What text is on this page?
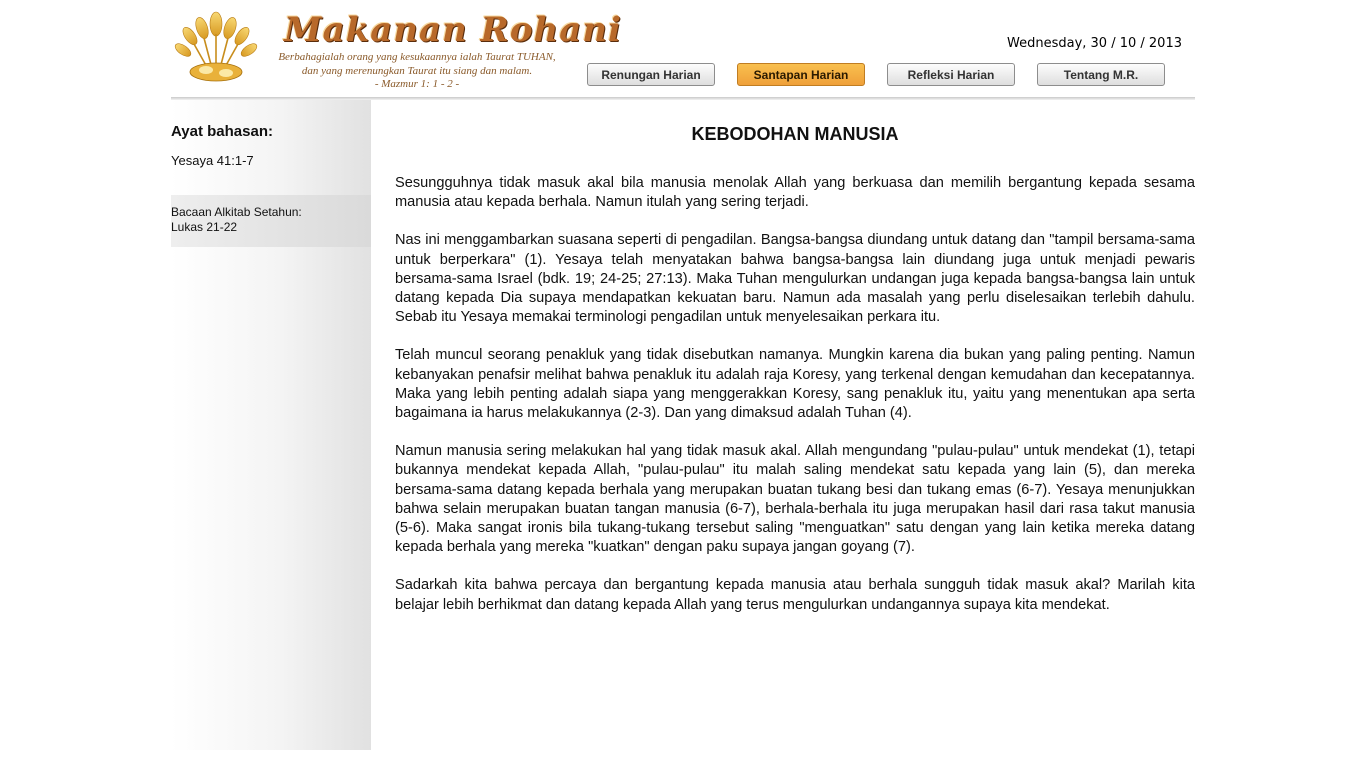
Makanan Rohani
Berbahagialah orang yang kesukaannya ialah Taurat TUHAN,
dan yang merenungkan Taurat itu siang dan malam.
- Mazmur 1: 1 - 2 -
Wednesday, 30 / 10 / 2013
Renungan Harian	Santapan Harian	Refleksi Harian	Tentang M.R.
Ayat bahasan:
Yesaya 41:1-7
Bacaan Alkitab Setahun:
Lukas 21-22
KEBODOHAN MANUSIA

Sesungguhnya tidak masuk akal bila manusia menolak Allah yang berkuasa dan memilih bergantung kepada sesama manusia atau kepada berhala. Namun itulah yang sering terjadi.

Nas ini menggambarkan suasana seperti di pengadilan. Bangsa-bangsa diundang untuk datang dan "tampil bersama-sama untuk berperkara" (1). Yesaya telah menyatakan bahwa bangsa-bangsa lain diundang juga untuk menjadi pewaris bersama-sama Israel (bdk. 19; 24-25; 27:13). Maka Tuhan mengulurkan undangan juga kepada bangsa-bangsa lain untuk datang kepada Dia supaya mendapatkan kekuatan baru. Namun ada masalah yang perlu diselesaikan terlebih dahulu. Sebab itu Yesaya memakai terminologi pengadilan untuk menyelesaikan perkara itu.

Telah muncul seorang penakluk yang tidak disebutkan namanya. Mungkin karena dia bukan yang paling penting. Namun kebanyakan penafsir melihat bahwa penakluk itu adalah raja Koresy, yang terkenal dengan kemudahan dan kecepatannya. Maka yang lebih penting adalah siapa yang menggerakkan Koresy, sang penakluk itu, yaitu yang menentukan apa serta bagaimana ia harus melakukannya (2-3). Dan yang dimaksud adalah Tuhan (4).

Namun manusia sering melakukan hal yang tidak masuk akal. Allah mengundang "pulau-pulau" untuk mendekat (1), tetapi bukannya mendekat kepada Allah, "pulau-pulau" itu malah saling mendekat satu kepada yang lain (5), dan mereka bersama-sama datang kepada berhala yang merupakan buatan tukang besi dan tukang emas (6-7). Yesaya menunjukkan bahwa selain merupakan buatan tangan manusia (6-7), berhala-berhala itu juga merupakan hasil dari rasa takut manusia (5-6). Maka sangat ironis bila tukang-tukang tersebut saling "menguatkan" satu dengan yang lain ketika mereka datang kepada berhala yang mereka "kuatkan" dengan paku supaya jangan goyang (7).

Sadarkah kita bahwa percaya dan bergantung kepada manusia atau berhala sungguh tidak masuk akal? Marilah kita belajar lebih berhikmat dan datang kepada Allah yang terus mengulurkan undangannya supaya kita mendekat.
